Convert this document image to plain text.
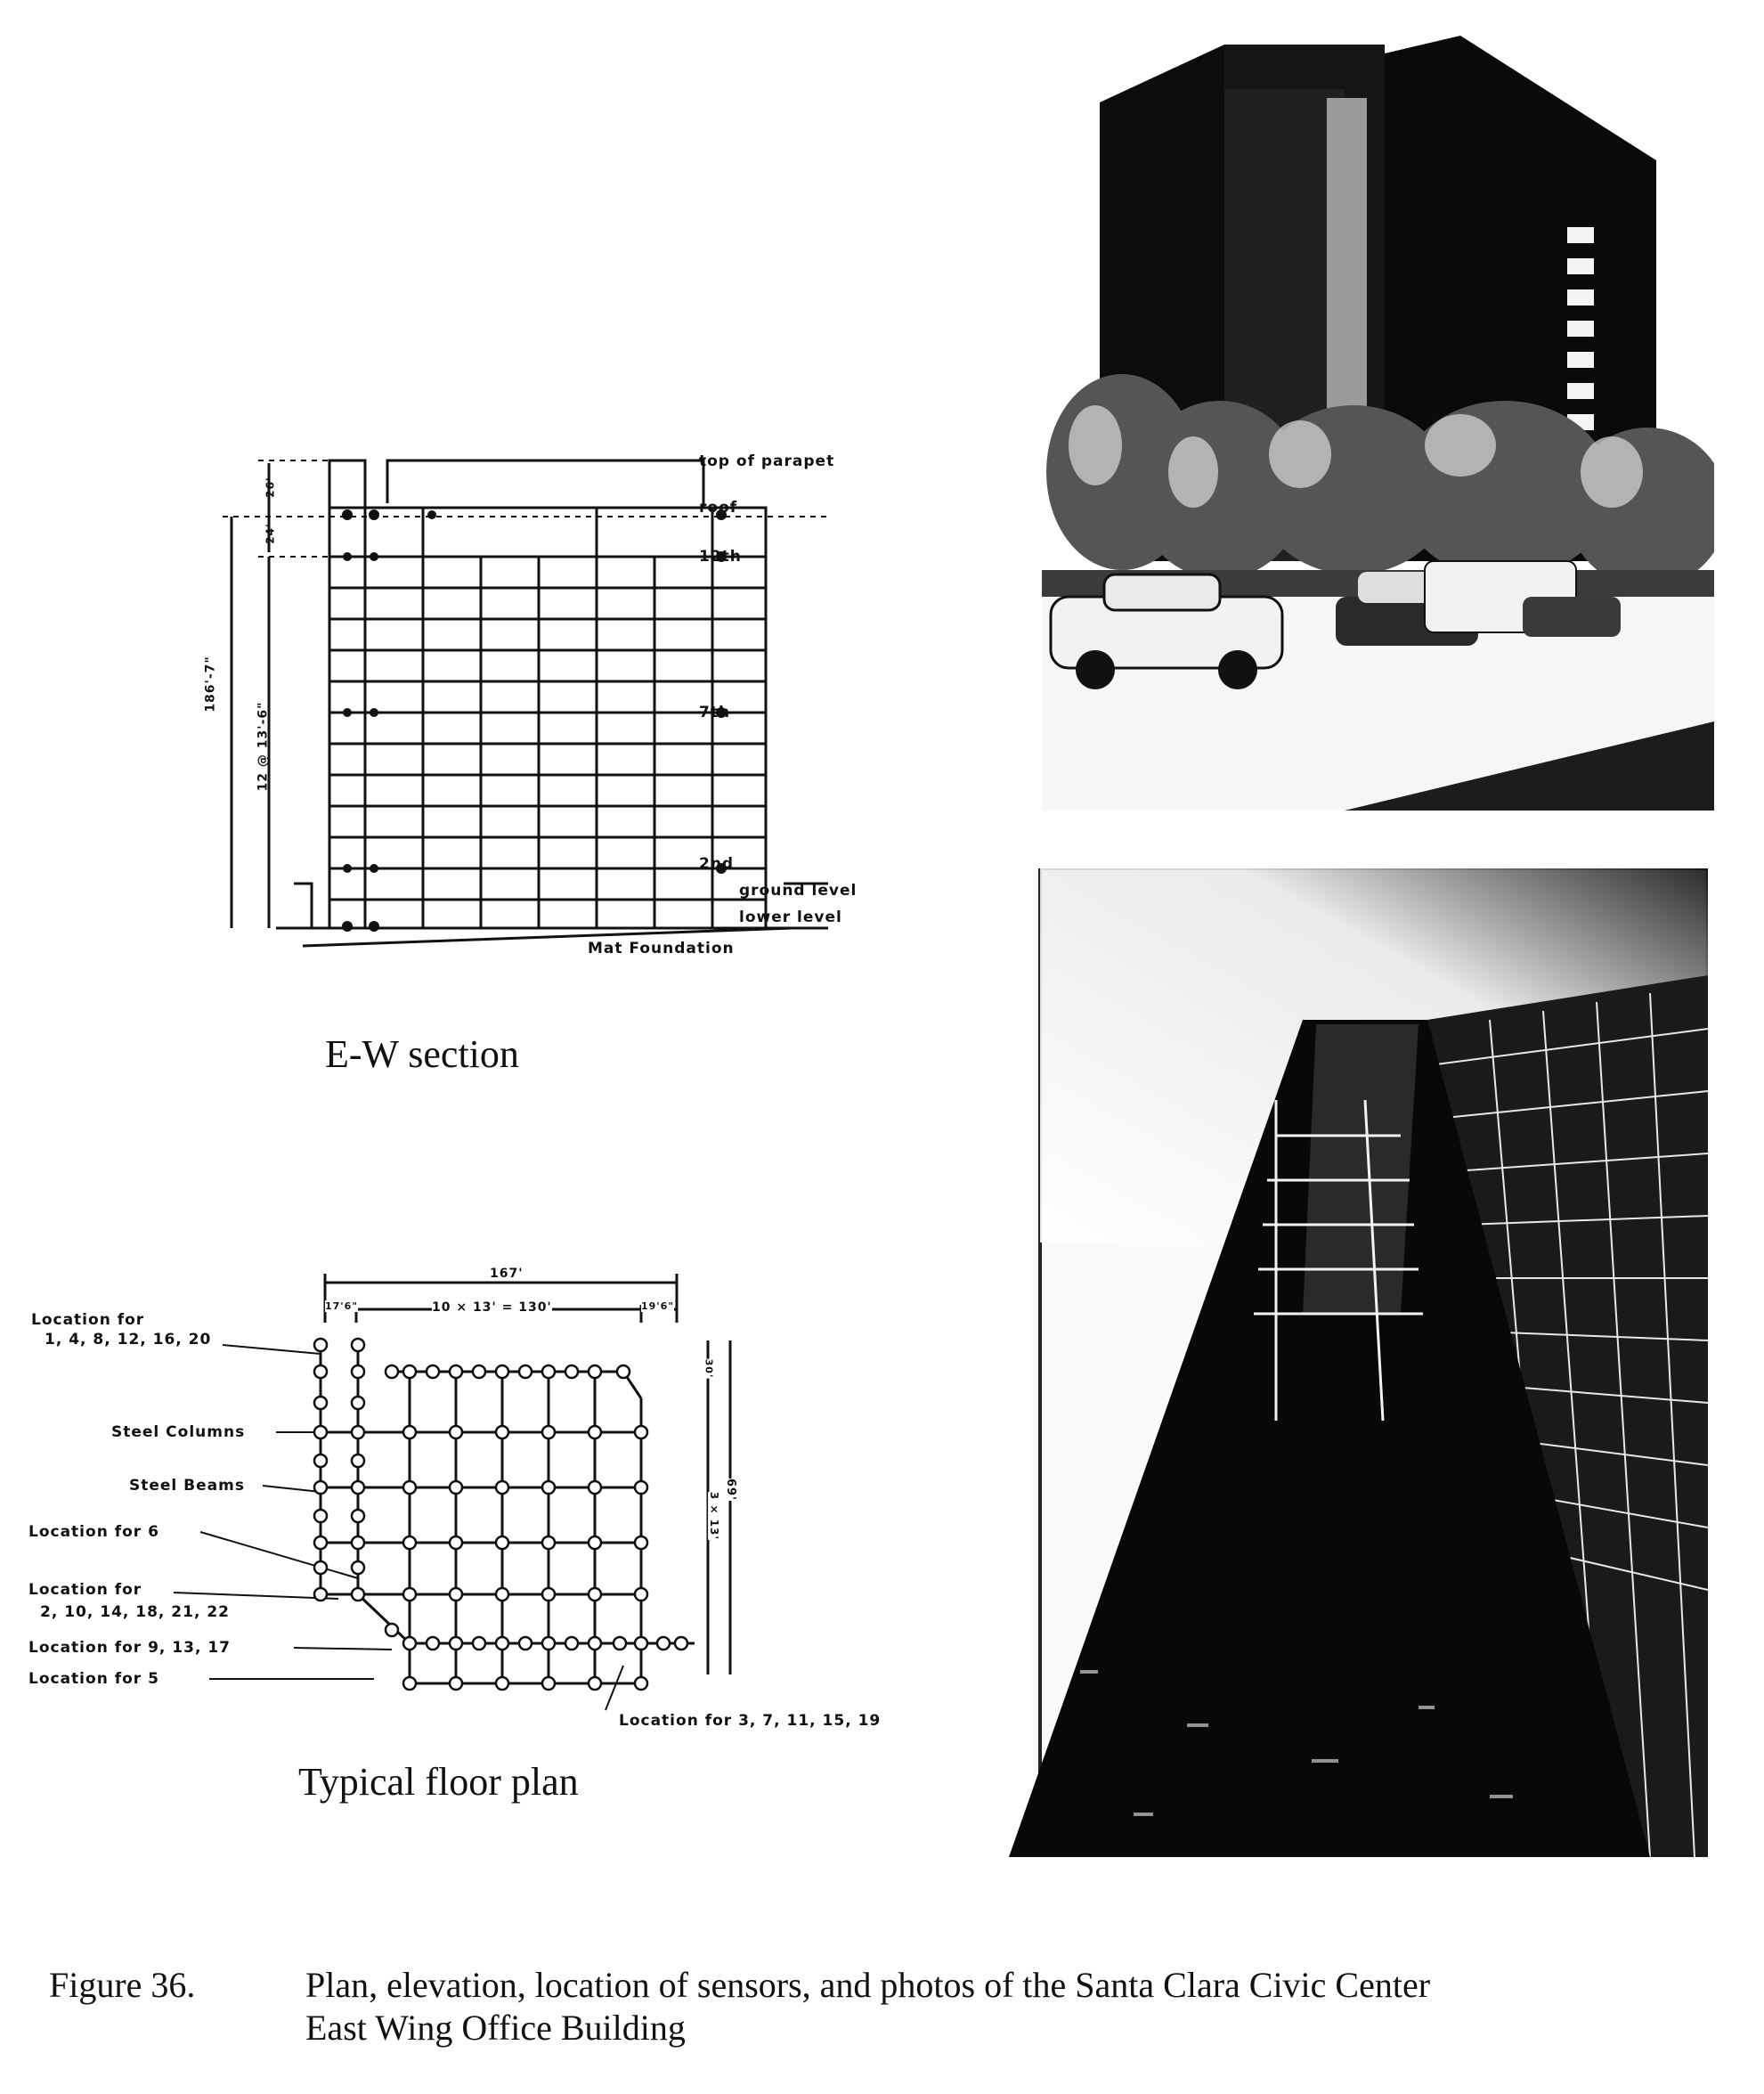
top of parapet
roof
12th
7th
2nd
ground level
lower level
Mat Foundation
186'-7"
12 @ 13'-6"
24'
26'
E-W section
167'
10 × 13' = 130'
17'6"	19'6"
69'
3 × 13'
30'
Location for
1, 4, 8, 12, 16, 20
Steel Columns
Steel Beams
Location for 6
Location for
2, 10, 14, 18, 21, 22
Location for 9, 13, 17
Location for 5
Location for 3, 7, 11, 15, 19
Typical floor plan
Figure 36.	Plan, elevation, location of sensors, and photos of the Santa Clara Civic Center
East Wing Office Building
